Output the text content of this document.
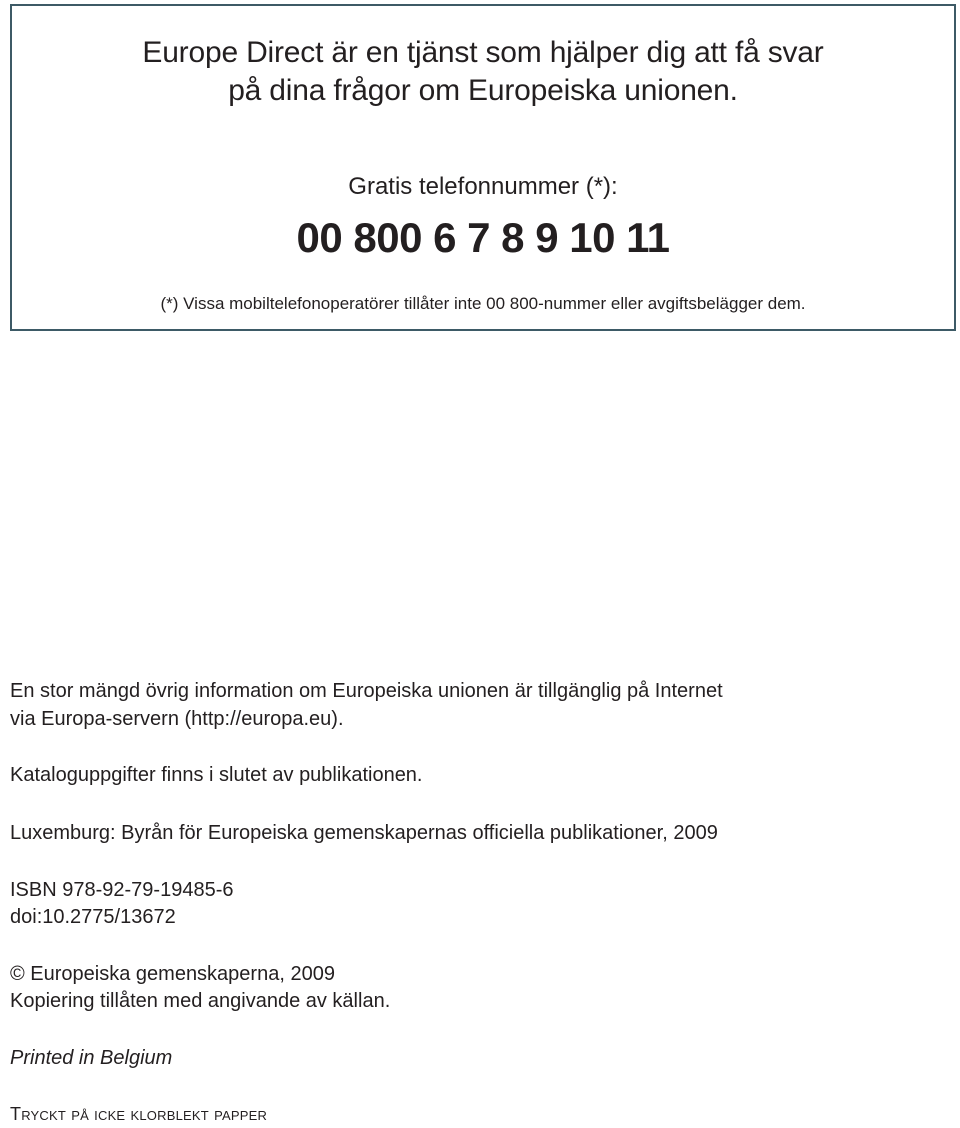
Europe Direct är en tjänst som hjälper dig att få svar
på dina frågor om Europeiska unionen.
Gratis telefonnummer (*):
00 800 6 7 8 9 10 11
(*) Vissa mobiltelefonoperatörer tillåter inte 00 800-nummer eller avgiftsbelägger dem.
En stor mängd övrig information om Europeiska unionen är tillgänglig på Internet
via Europa-servern (http://europa.eu).
Kataloguppgifter finns i slutet av publikationen.
Luxemburg: Byrån för Europeiska gemenskapernas officiella publikationer, 2009
ISBN 978-92-79-19485-6
doi:10.2775/13672
© Europeiska gemenskaperna, 2009
Kopiering tillåten med angivande av källan.
Printed in Belgium
Tryckt på icke klorblekt papper
